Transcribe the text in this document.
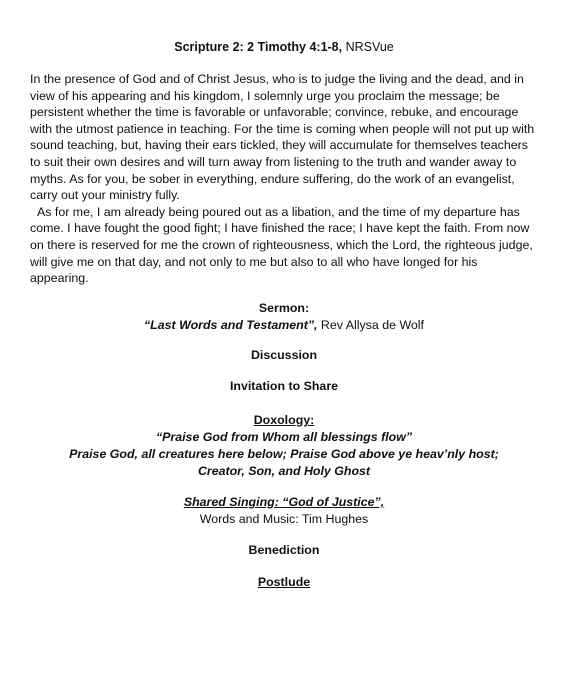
Scripture 2: 2 Timothy 4:1-8, NRSVue

In the presence of God and of Christ Jesus, who is to judge the living and the dead, and in view of his appearing and his kingdom, I solemnly urge you proclaim the message; be persistent whether the time is favorable or unfavorable; convince, rebuke, and encourage with the utmost patience in teaching. For the time is coming when people will not put up with sound teaching, but, having their ears tickled, they will accumulate for themselves teachers to suit their own desires and will turn away from listening to the truth and wander away to myths. As for you, be sober in everything, endure suffering, do the work of an evangelist, carry out your ministry fully.

As for me, I am already being poured out as a libation, and the time of my departure has come. I have fought the good fight; I have finished the race; I have kept the faith. From now on there is reserved for me the crown of righteousness, which the Lord, the righteous judge, will give me on that day, and not only to me but also to all who have longed for his appearing.

Sermon:
“Last Words and Testament”, Rev Allysa de Wolf
Discussion
Invitation to Share
Doxology:
“Praise God from Whom all blessings flow”
Praise God, all creatures here below; Praise God above ye heav’nly host;
Creator, Son, and Holy Ghost
Shared Singing: “God of Justice”,
Words and Music: Tim Hughes
Benediction
Postlude
